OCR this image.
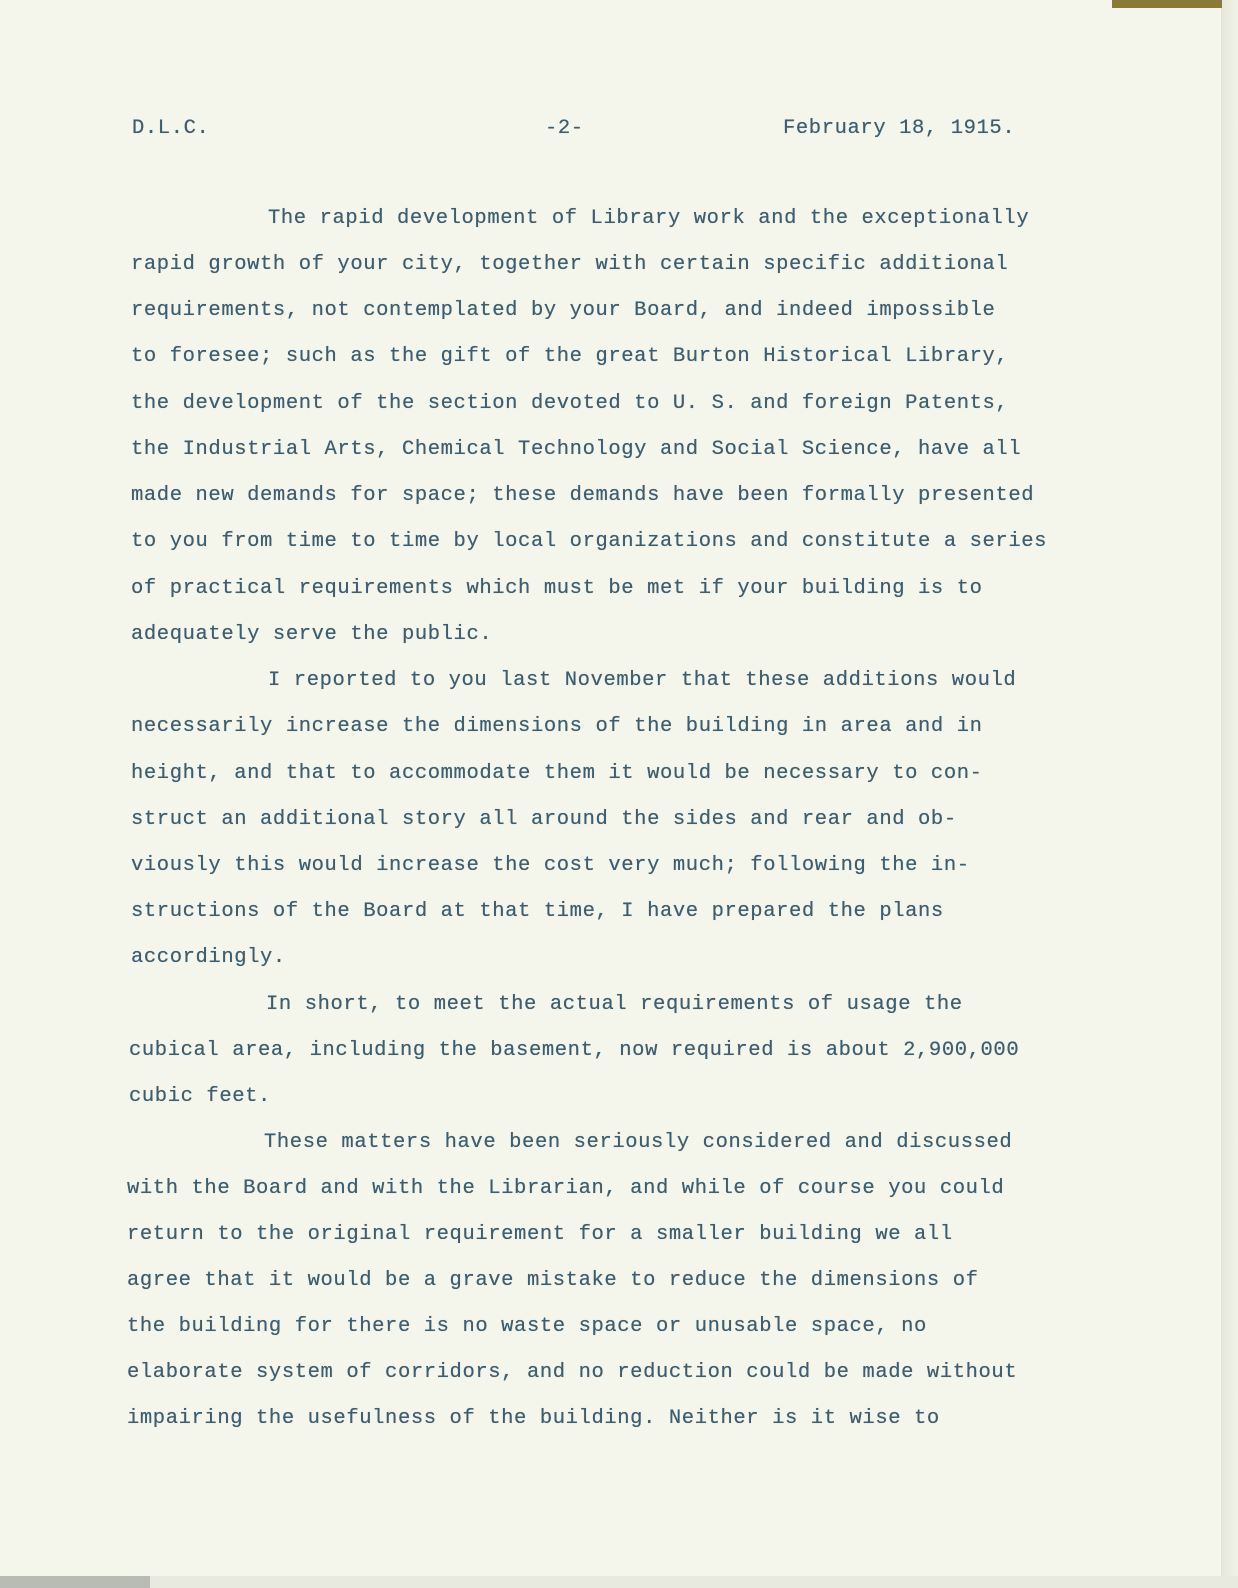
D.L.C.	-2-	February 18, 1915.
The rapid development of Library work and the exceptionally
rapid growth of your city, together with certain specific additional
requirements, not contemplated by your Board, and indeed impossible
to foresee; such as the gift of the great Burton Historical Library,
the development of the section devoted to U. S. and foreign Patents,
the Industrial Arts, Chemical Technology and Social Science, have all
made new demands for space; these demands have been formally presented
to you from time to time by local organizations and constitute a series
of practical requirements which must be met if your building is to
adequately serve the public.
I reported to you last November that these additions would
necessarily increase the dimensions of the building in area and in
height, and that to accommodate them it would be necessary to con-
struct an additional story all around the sides and rear and ob-
viously this would increase the cost very much; following the in-
structions of the Board at that time, I have prepared the plans
accordingly.
In short, to meet the actual requirements of usage the
cubical area, including the basement, now required is about 2,900,000
cubic feet.
These matters have been seriously considered and discussed
with the Board and with the Librarian, and while of course you could
return to the original requirement for a smaller building we all
agree that it would be a grave mistake to reduce the dimensions of
the building for there is no waste space or unusable space, no
elaborate system of corridors, and no reduction could be made without
impairing the usefulness of the building. Neither is it wise to
